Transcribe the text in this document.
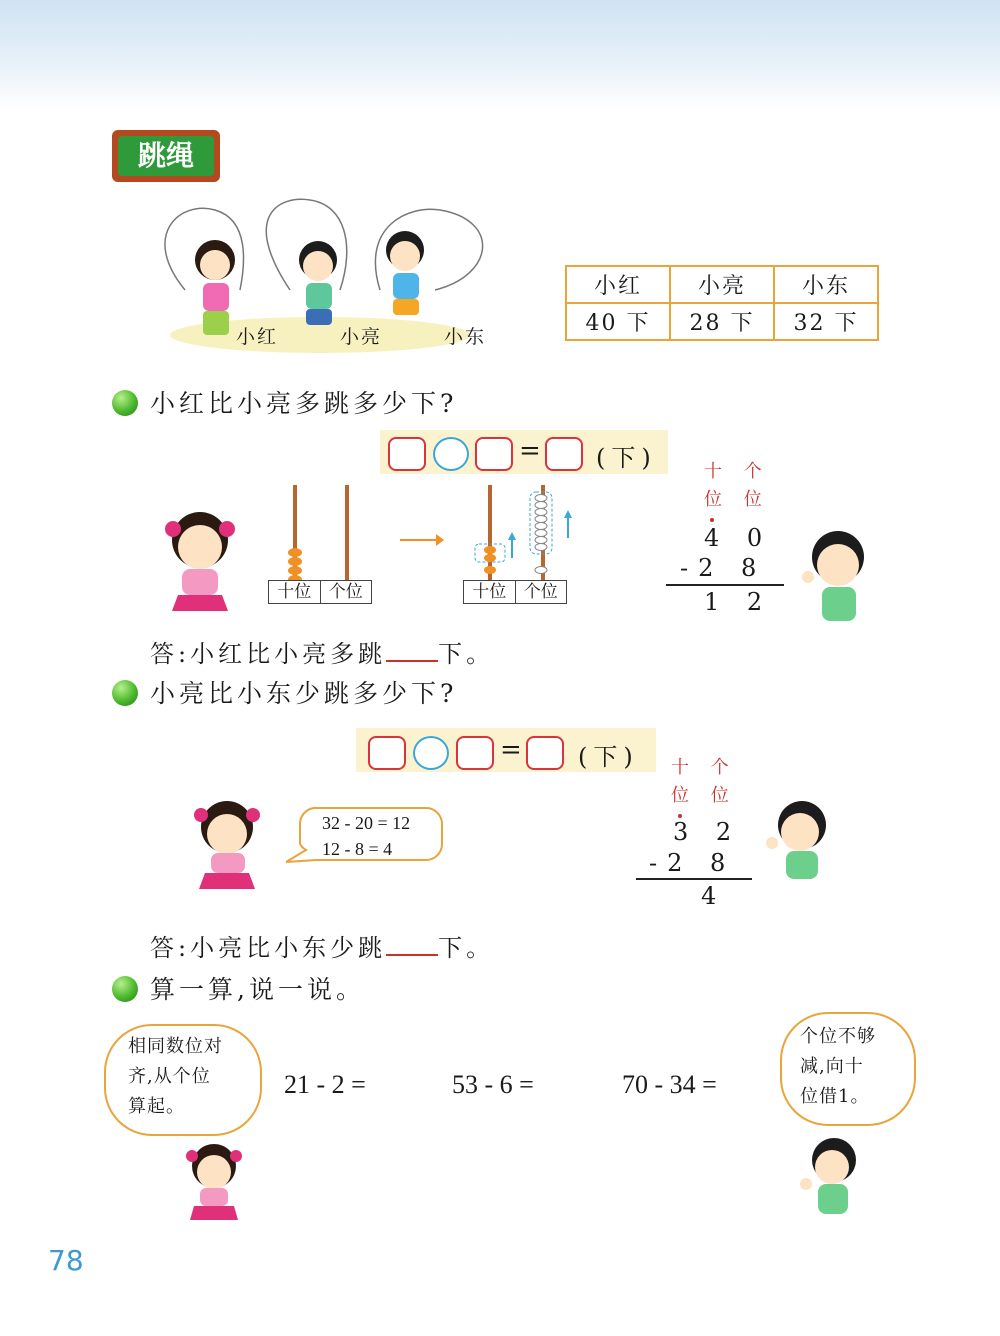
跳绳
小红	小亮	小东
小红	小亮	小东
40 下	28 下	32 下
小红比小亮多跳多少下?
= (下)
十位	个位	十位	个位
十 个
位 位
4 0
-2 8
1 2
答:小红比小亮多跳 下。
小亮比小东少跳多少下?
= (下)
32 - 20 = 12
12 - 8 = 4
十 个
位 位
3 2
-2 8
4
答:小亮比小东少跳 下。
算一算,说一说。
相同数位对
齐,从个位
算起。
21 - 2 =	53 - 6 =	70 - 34 =
个位不够
减,向十
位借1。
78
